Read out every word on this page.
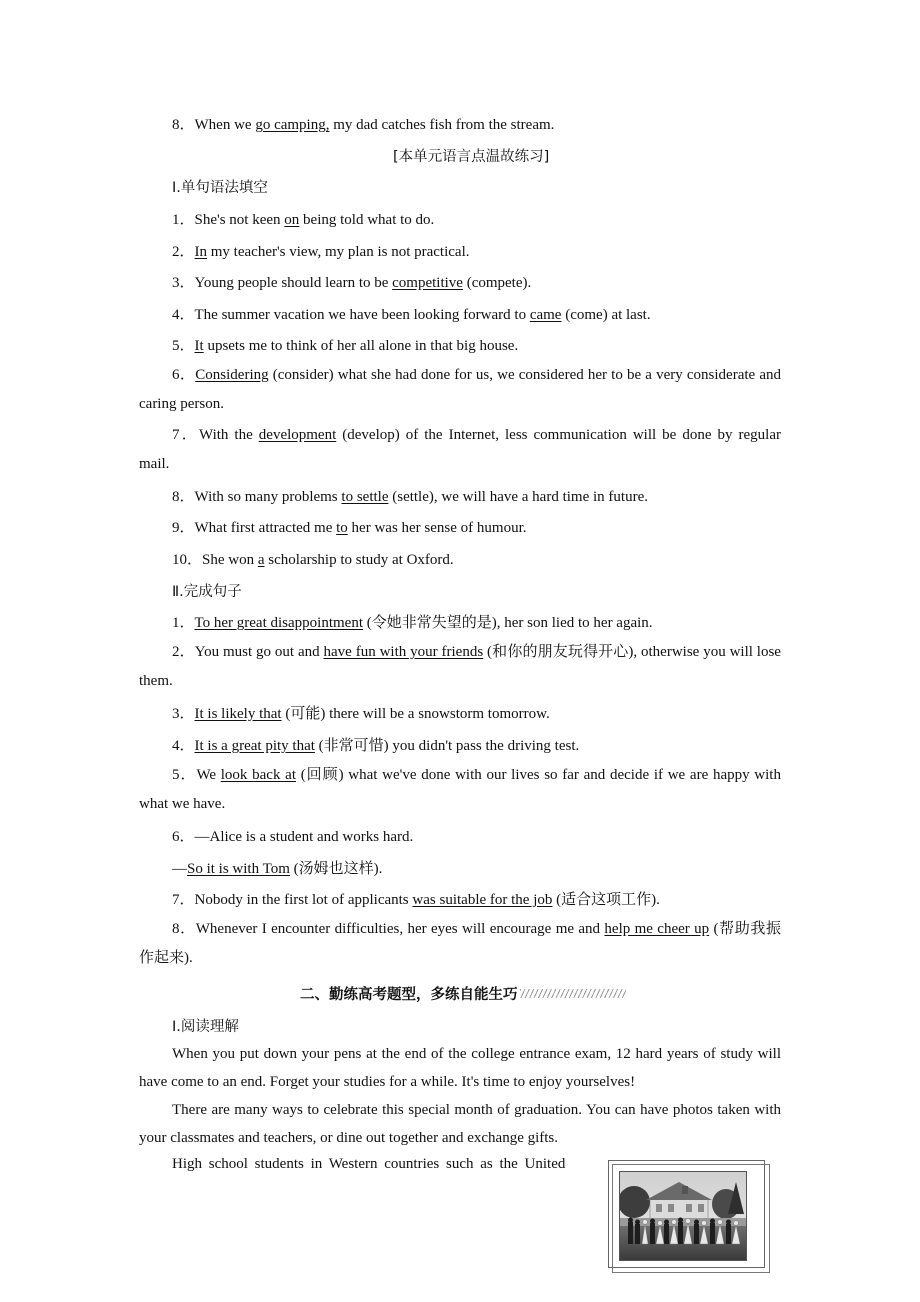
8．When we go camping, my dad catches fish from the stream.
[本单元语言点温故练习]
Ⅰ.单句语法填空
1．She's not keen on being told what to do.
2．In my teacher's view, my plan is not practical.
3．Young people should learn to be competitive (compete).
4．The summer vacation we have been looking forward to came (come) at last.
5．It upsets me to think of her all alone in that big house.
6．Considering (consider) what she had done for us, we considered her to be a very considerate and caring person.
7．With the development (develop) of the Internet, less communication will be done by regular mail.
8．With so many problems to settle (settle), we will have a hard time in future.
9．What first attracted me to her was her sense of humour.
10．She won a scholarship to study at Oxford.
Ⅱ.完成句子
1．To her great disappointment (令她非常失望的是), her son lied to her again.
2．You must go out and have fun with your friends (和你的朋友玩得开心), otherwise you will lose them.
3．It is likely that (可能) there will be a snowstorm tomorrow.
4．It is a great pity that (非常可惜) you didn't pass the driving test.
5．We look back at (回顾) what we've done with our lives so far and decide if we are happy with what we have.
6．—Alice is a student and works hard.
—So it is with Tom (汤姆也这样).
7．Nobody in the first lot of applicants was suitable for the job (适合这项工作).
8．Whenever I encounter difficulties, her eyes will encourage me and help me cheer up (帮助我振作起来).
二、勤练高考题型，多练自能生巧
Ⅰ.阅读理解
When you put down your pens at the end of the college entrance exam, 12 hard years of study will have come to an end. Forget your studies for a while. It's time to enjoy yourselves!
There are many ways to celebrate this special month of graduation. You can have photos taken with your classmates and teachers, or dine out together and exchange gifts.
High school students in Western countries such as the United
